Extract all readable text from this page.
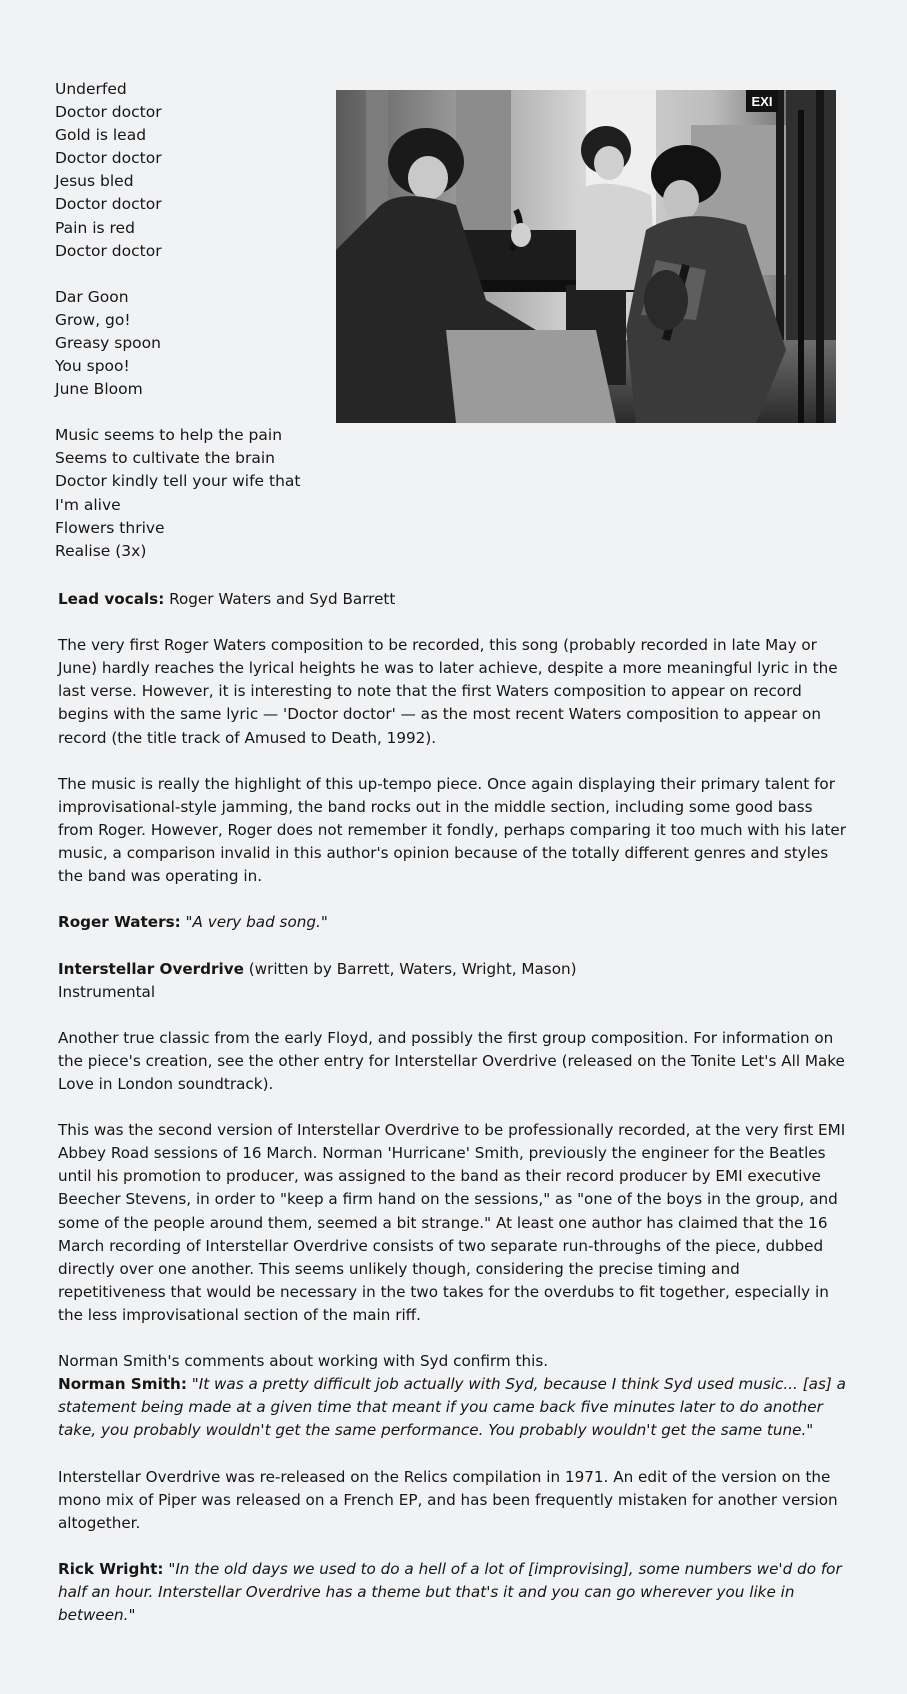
Underfed
Doctor doctor
Gold is lead
Doctor doctor
Jesus bled
Doctor doctor
Pain is red
Doctor doctor
Dar Goon
Grow, go!
Greasy spoon
You spoo!
June Bloom
Music seems to help the pain
Seems to cultivate the brain
Doctor kindly tell your wife that
I'm alive
Flowers thrive
Realise (3x)
EXI

Lead vocals: Roger Waters and Syd Barrett

The very first Roger Waters composition to be recorded, this song (probably recorded in late May or June) hardly reaches the lyrical heights he was to later achieve, despite a more meaningful lyric in the last verse. However, it is interesting to note that the first Waters composition to appear on record begins with the same lyric — 'Doctor doctor' — as the most recent Waters composition to appear on record (the title track of Amused to Death, 1992).

The music is really the highlight of this up-tempo piece. Once again displaying their primary talent for improvisational-style jamming, the band rocks out in the middle section, including some good bass from Roger. However, Roger does not remember it fondly, perhaps comparing it too much with his later music, a comparison invalid in this author's opinion because of the totally different genres and styles the band was operating in.

Roger Waters: "A very bad song."

Interstellar Overdrive (written by Barrett, Waters, Wright, Mason)
Instrumental

Another true classic from the early Floyd, and possibly the first group composition. For information on the piece's creation, see the other entry for Interstellar Overdrive (released on the Tonite Let's All Make Love in London soundtrack).

This was the second version of Interstellar Overdrive to be professionally recorded, at the very first EMI Abbey Road sessions of 16 March. Norman 'Hurricane' Smith, previously the engineer for the Beatles until his promotion to producer, was assigned to the band as their record producer by EMI executive Beecher Stevens, in order to "keep a firm hand on the sessions," as "one of the boys in the group, and some of the people around them, seemed a bit strange." At least one author has claimed that the 16 March recording of Interstellar Overdrive consists of two separate run-throughs of the piece, dubbed directly over one another. This seems unlikely though, considering the precise timing and repetitiveness that would be necessary in the two takes for the overdubs to fit together, especially in the less improvisational section of the main riff.

Norman Smith's comments about working with Syd confirm this.

Norman Smith: "It was a pretty difficult job actually with Syd, because I think Syd used music... [as] a statement being made at a given time that meant if you came back five minutes later to do another take, you probably wouldn't get the same performance. You probably wouldn't get the same tune."

Interstellar Overdrive was re-released on the Relics compilation in 1971. An edit of the version on the mono mix of Piper was released on a French EP, and has been frequently mistaken for another version altogether.

Rick Wright: "In the old days we used to do a hell of a lot of [improvising], some numbers we'd do for half an hour. Interstellar Overdrive has a theme but that's it and you can go wherever you like in between."
